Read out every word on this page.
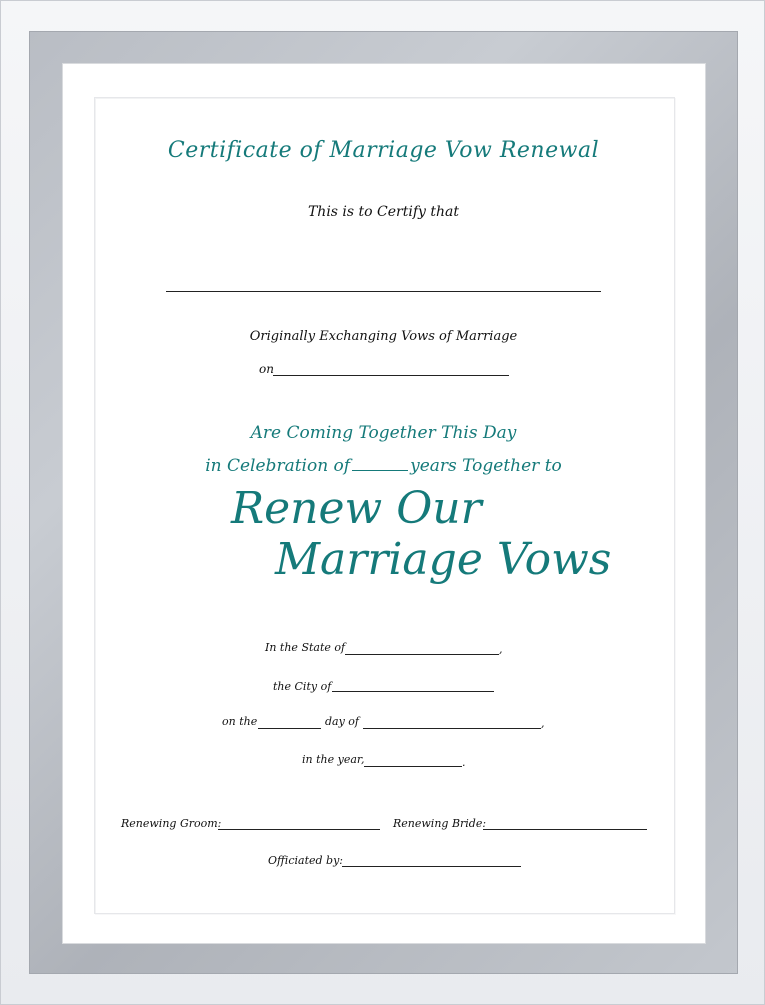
Certificate of Marriage Vow Renewal
This is to Certify that
Originally Exchanging Vows of Marriage
on
Are Coming Together This Day
in Celebration of	years Together to
Renew Our
Marriage Vows
In the State of	,
the City of
on the	day of	,
in the year,	.
Renewing Groom:	Renewing Bride:
Officiated by:
